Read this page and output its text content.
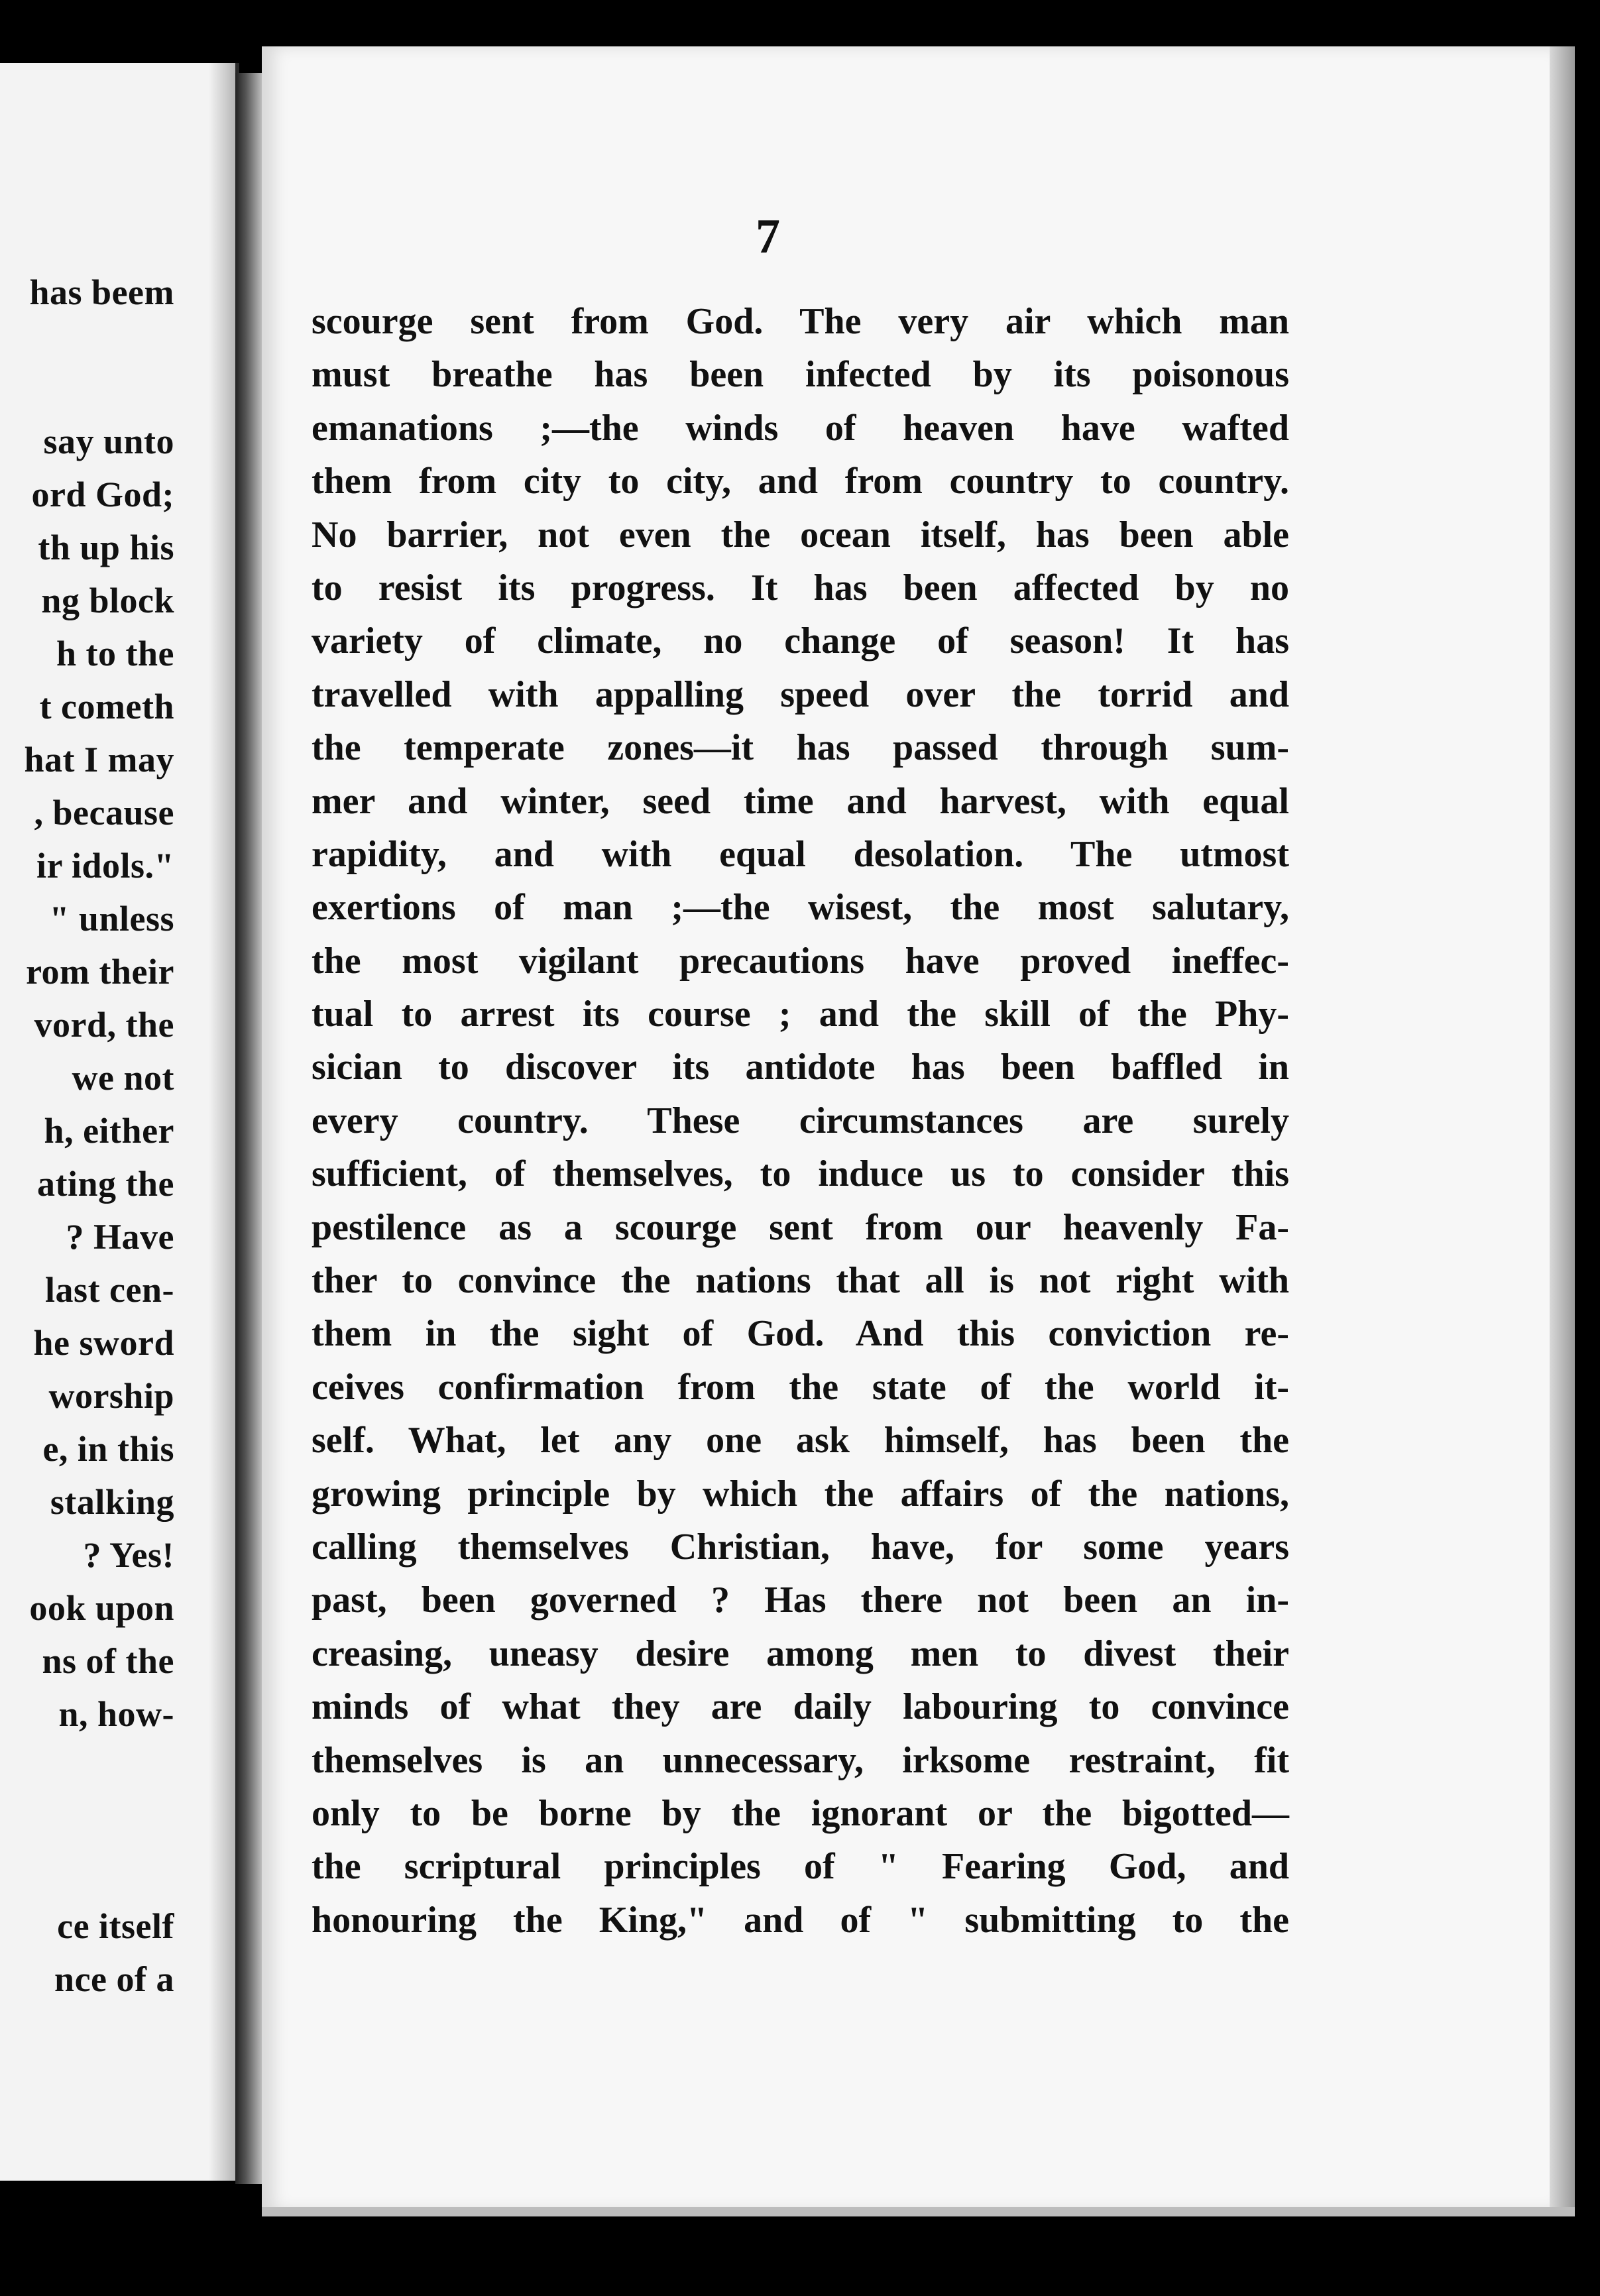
has beem
say unto
ord God;
th up his
ng block
h to the
t cometh
hat I may
, because
ir idols."
" unless
rom their
vord, the
we not
h, either
ating the
? Have
last cen-
he sword
worship
e, in this
stalking
? Yes!
ook upon
ns of the
n, how-
ce itself
nce of a
7
scourge sent from God. The very air which man
must breathe has been infected by its poisonous
emanations ;—the winds of heaven have wafted
them from city to city, and from country to country.
No barrier, not even the ocean itself, has been able
to resist its progress. It has been affected by no
variety of climate, no change of season! It has
travelled with appalling speed over the torrid and
the temperate zones—it has passed through sum-
mer and winter, seed time and harvest, with equal
rapidity, and with equal desolation. The utmost
exertions of man ;—the wisest, the most salutary,
the most vigilant precautions have proved ineffec-
tual to arrest its course ; and the skill of the Phy-
sician to discover its antidote has been baffled in
every country. These circumstances are surely
sufficient, of themselves, to induce us to consider this
pestilence as a scourge sent from our heavenly Fa-
ther to convince the nations that all is not right with
them in the sight of God. And this conviction re-
ceives confirmation from the state of the world it-
self. What, let any one ask himself, has been the
growing principle by which the affairs of the nations,
calling themselves Christian, have, for some years
past, been governed ? Has there not been an in-
creasing, uneasy desire among men to divest their
minds of what they are daily labouring to convince
themselves is an unnecessary, irksome restraint, fit
only to be borne by the ignorant or the bigotted—
the scriptural principles of " Fearing God, and
honouring the King," and of " submitting to the
